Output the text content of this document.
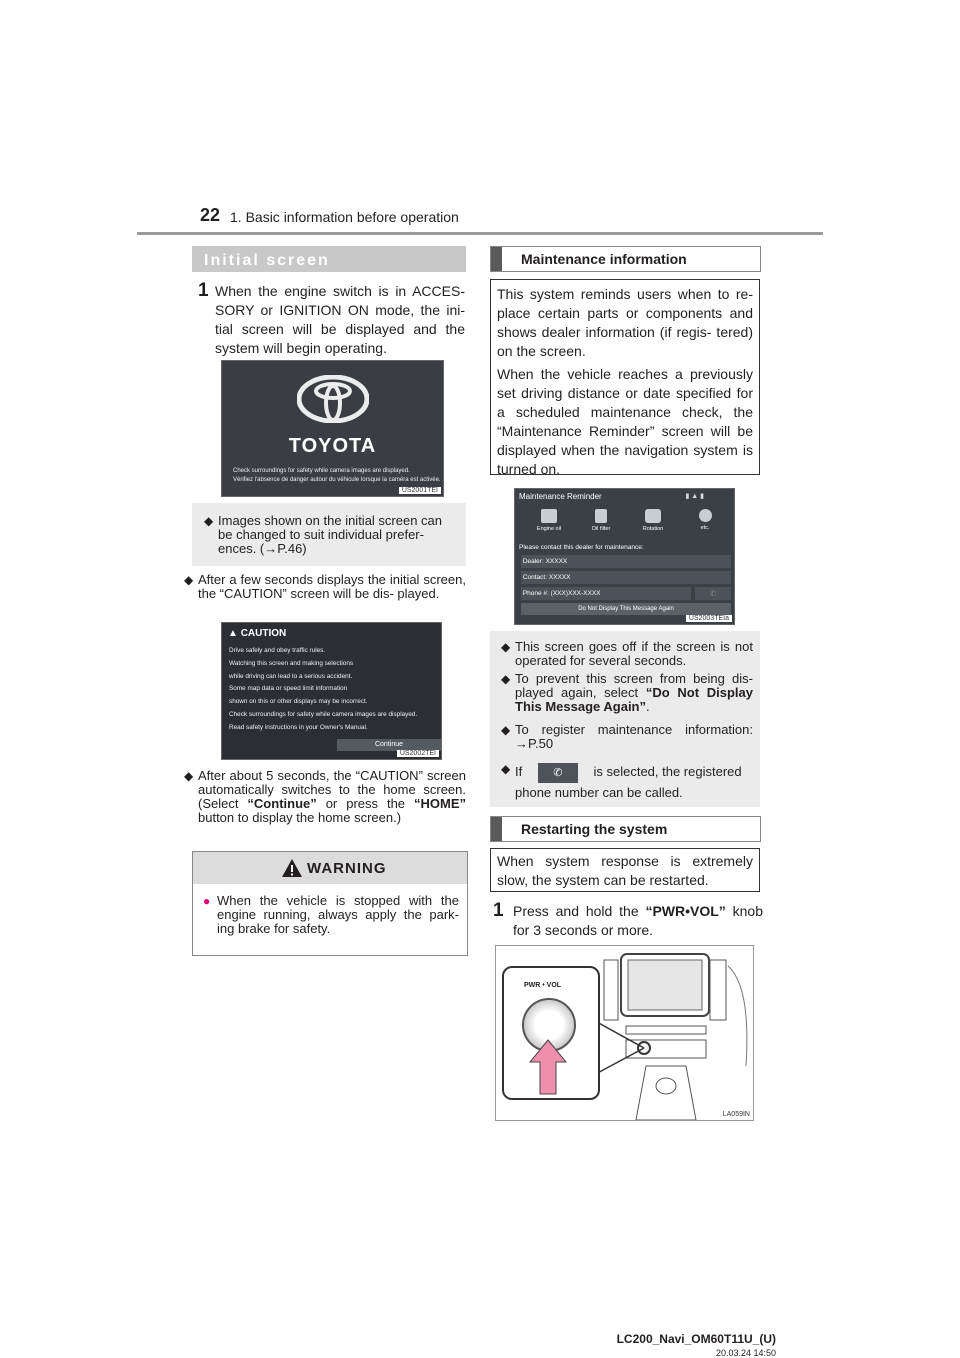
22 1. Basic information before operation
Initial screen
1 When the engine switch is in ACCES- SORY or IGNITION ON mode, the ini- tial screen will be displayed and the system will begin operating.
TOYOTA
Check surroundings for safety while camera images are displayed.
Vérifiez l'absence de danger autour du véhicule lorsque la caméra est activée.
US2001TEI
◆ Images shown on the initial screen can be changed to suit individual prefer- ences. (→P.46)
◆ After a few seconds displays the initial screen, the “CAUTION” screen will be dis- played.
▲ CAUTION
Drive safely and obey traffic rules.
Watching this screen and making selections
while driving can lead to a serious accident.
Some map data or speed limit information
shown on this or other displays may be incorrect.
Check surroundings for safety while camera images are displayed.
Read safety instructions in your Owner's Manual.
Continue
US2002TEI
◆ After about 5 seconds, the “CAUTION” screen automatically switches to the home screen. (Select “Continue” or press the “HOME” button to display the home screen.)
WARNING
● When the vehicle is stopped with the engine running, always apply the park- ing brake for safety.
Maintenance information
This system reminds users when to re- place certain parts or components and shows dealer information (if regis- tered) on the screen.
When the vehicle reaches a previously set driving distance or date specified for a scheduled maintenance check, the “Maintenance Reminder” screen will be displayed when the navigation system is turned on.
Maintenance Reminder	▮ ▲ ▮
Engine oil	Oil filter	Rotation	etc.
Please contact this dealer for maintenance:
Dealer: XXXXX
Contact: XXXXX
Phone #: (XXX)XXX-XXXX	✆
Do Not Display This Message Again
US2003TEIa
◆ This screen goes off if the screen is not operated for several seconds.
◆ To prevent this screen from being dis- played again, select “Do Not Display This Message Again”.
◆ To register maintenance information: →P.50
◆ If	✆ is selected, the registered phone number can be called.
Restarting the system
When system response is extremely slow, the system can be restarted.
1 Press and hold the “PWR•VOL” knob for 3 seconds or more.
PWR • VOL
LA059IN
LC200_Navi_OM60T11U_(U)
20.03.24 14:50
